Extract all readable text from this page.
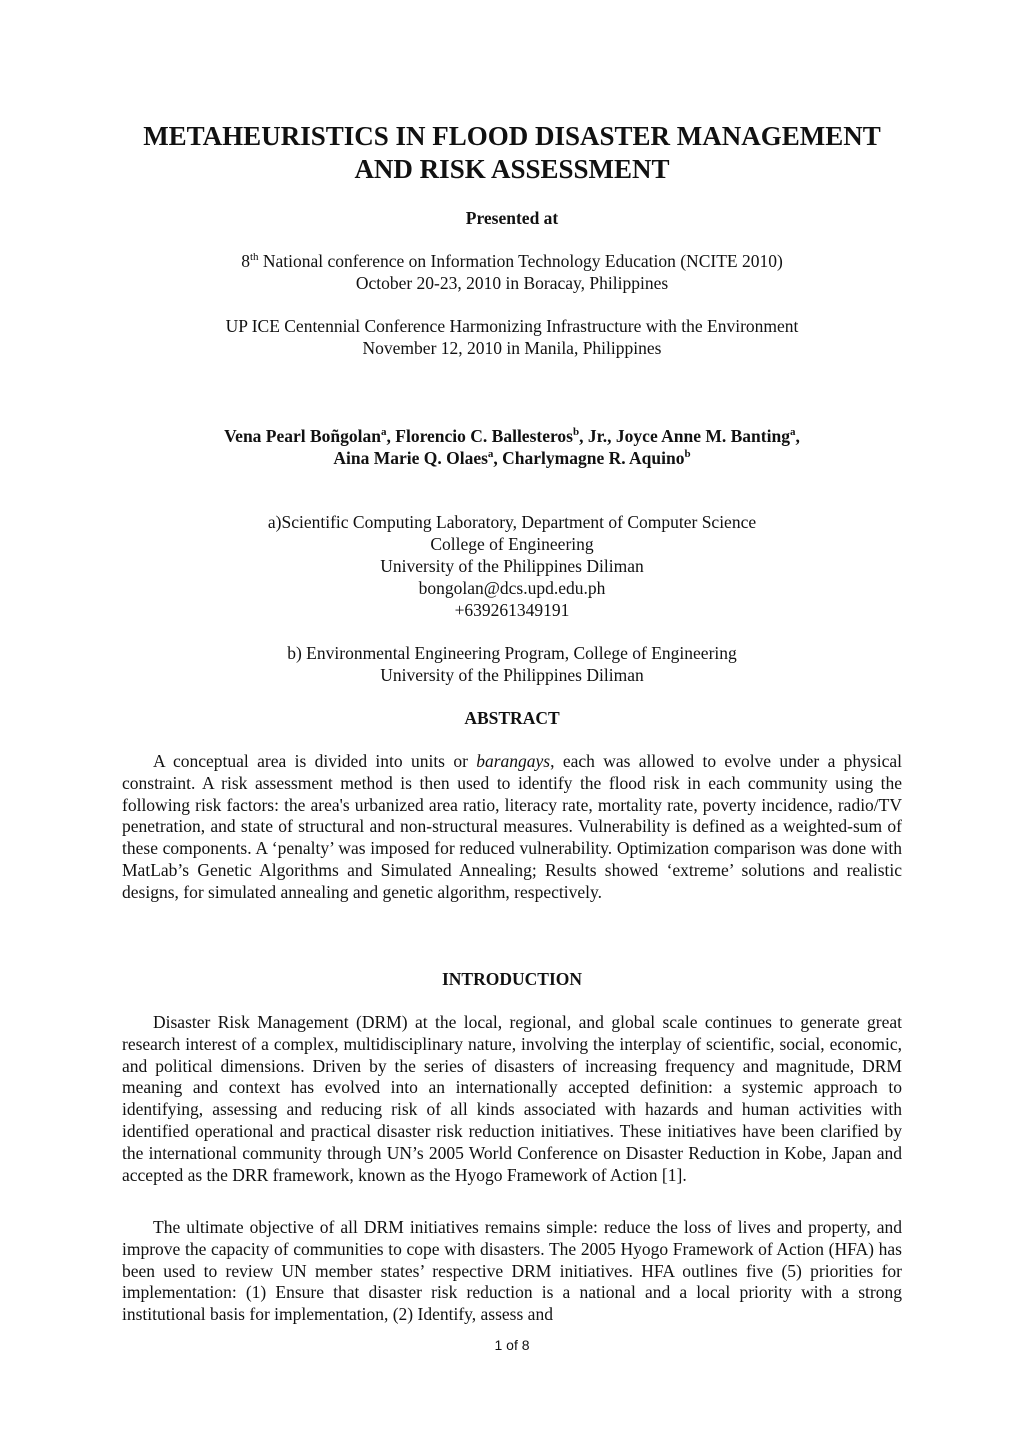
METAHEURISTICS IN FLOOD DISASTER MANAGEMENT
AND RISK ASSESSMENT
Presented at
8th National conference on Information Technology Education (NCITE 2010)
October 20-23, 2010 in Boracay, Philippines
UP ICE Centennial Conference Harmonizing Infrastructure with the Environment
November 12, 2010 in Manila, Philippines
Vena Pearl Boñgolan$^a$, Florencio C. Ballesteros$^b$, Jr., Joyce Anne M. Banting$^a$,
Aina Marie Q. Olaes$^a$, Charlymagne R. Aquino$^b$
a)Scientific Computing Laboratory, Department of Computer Science
College of Engineering
University of the Philippines Diliman
bongolan@dcs.upd.edu.ph
+639261349191
b) Environmental Engineering Program, College of Engineering
University of the Philippines Diliman
ABSTRACT

A conceptual area is divided into units or barangays, each was allowed to evolve under a physical constraint. A risk assessment method is then used to identify the flood risk in each community using the following risk factors: the area's urbanized area ratio, literacy rate, mortality rate, poverty incidence, radio/TV penetration, and state of structural and non-structural measures. Vulnerability is defined as a weighted-sum of these components. A ‘penalty’ was imposed for reduced vulnerability. Optimization comparison was done with MatLab’s Genetic Algorithms and Simulated Annealing; Results showed ‘extreme’ solutions and realistic designs, for simulated annealing and genetic algorithm, respectively.

INTRODUCTION

Disaster Risk Management (DRM) at the local, regional, and global scale continues to generate great research interest of a complex, multidisciplinary nature, involving the interplay of scientific, social, economic, and political dimensions. Driven by the series of disasters of increasing frequency and magnitude, DRM meaning and context has evolved into an internationally accepted definition: a systemic approach to identifying, assessing and reducing risk of all kinds associated with hazards and human activities with identified operational and practical disaster risk reduction initiatives. These initiatives have been clarified by the international community through UN’s 2005 World Conference on Disaster Reduction in Kobe, Japan and accepted as the DRR framework, known as the Hyogo Framework of Action [1].

The ultimate objective of all DRM initiatives remains simple: reduce the loss of lives and property, and improve the capacity of communities to cope with disasters. The 2005 Hyogo Framework of Action (HFA) has been used to review UN member states’ respective DRM initiatives. HFA outlines five (5) priorities for implementation: (1) Ensure that disaster risk reduction is a national and a local priority with a strong institutional basis for implementation, (2) Identify, assess and

1 of 8
